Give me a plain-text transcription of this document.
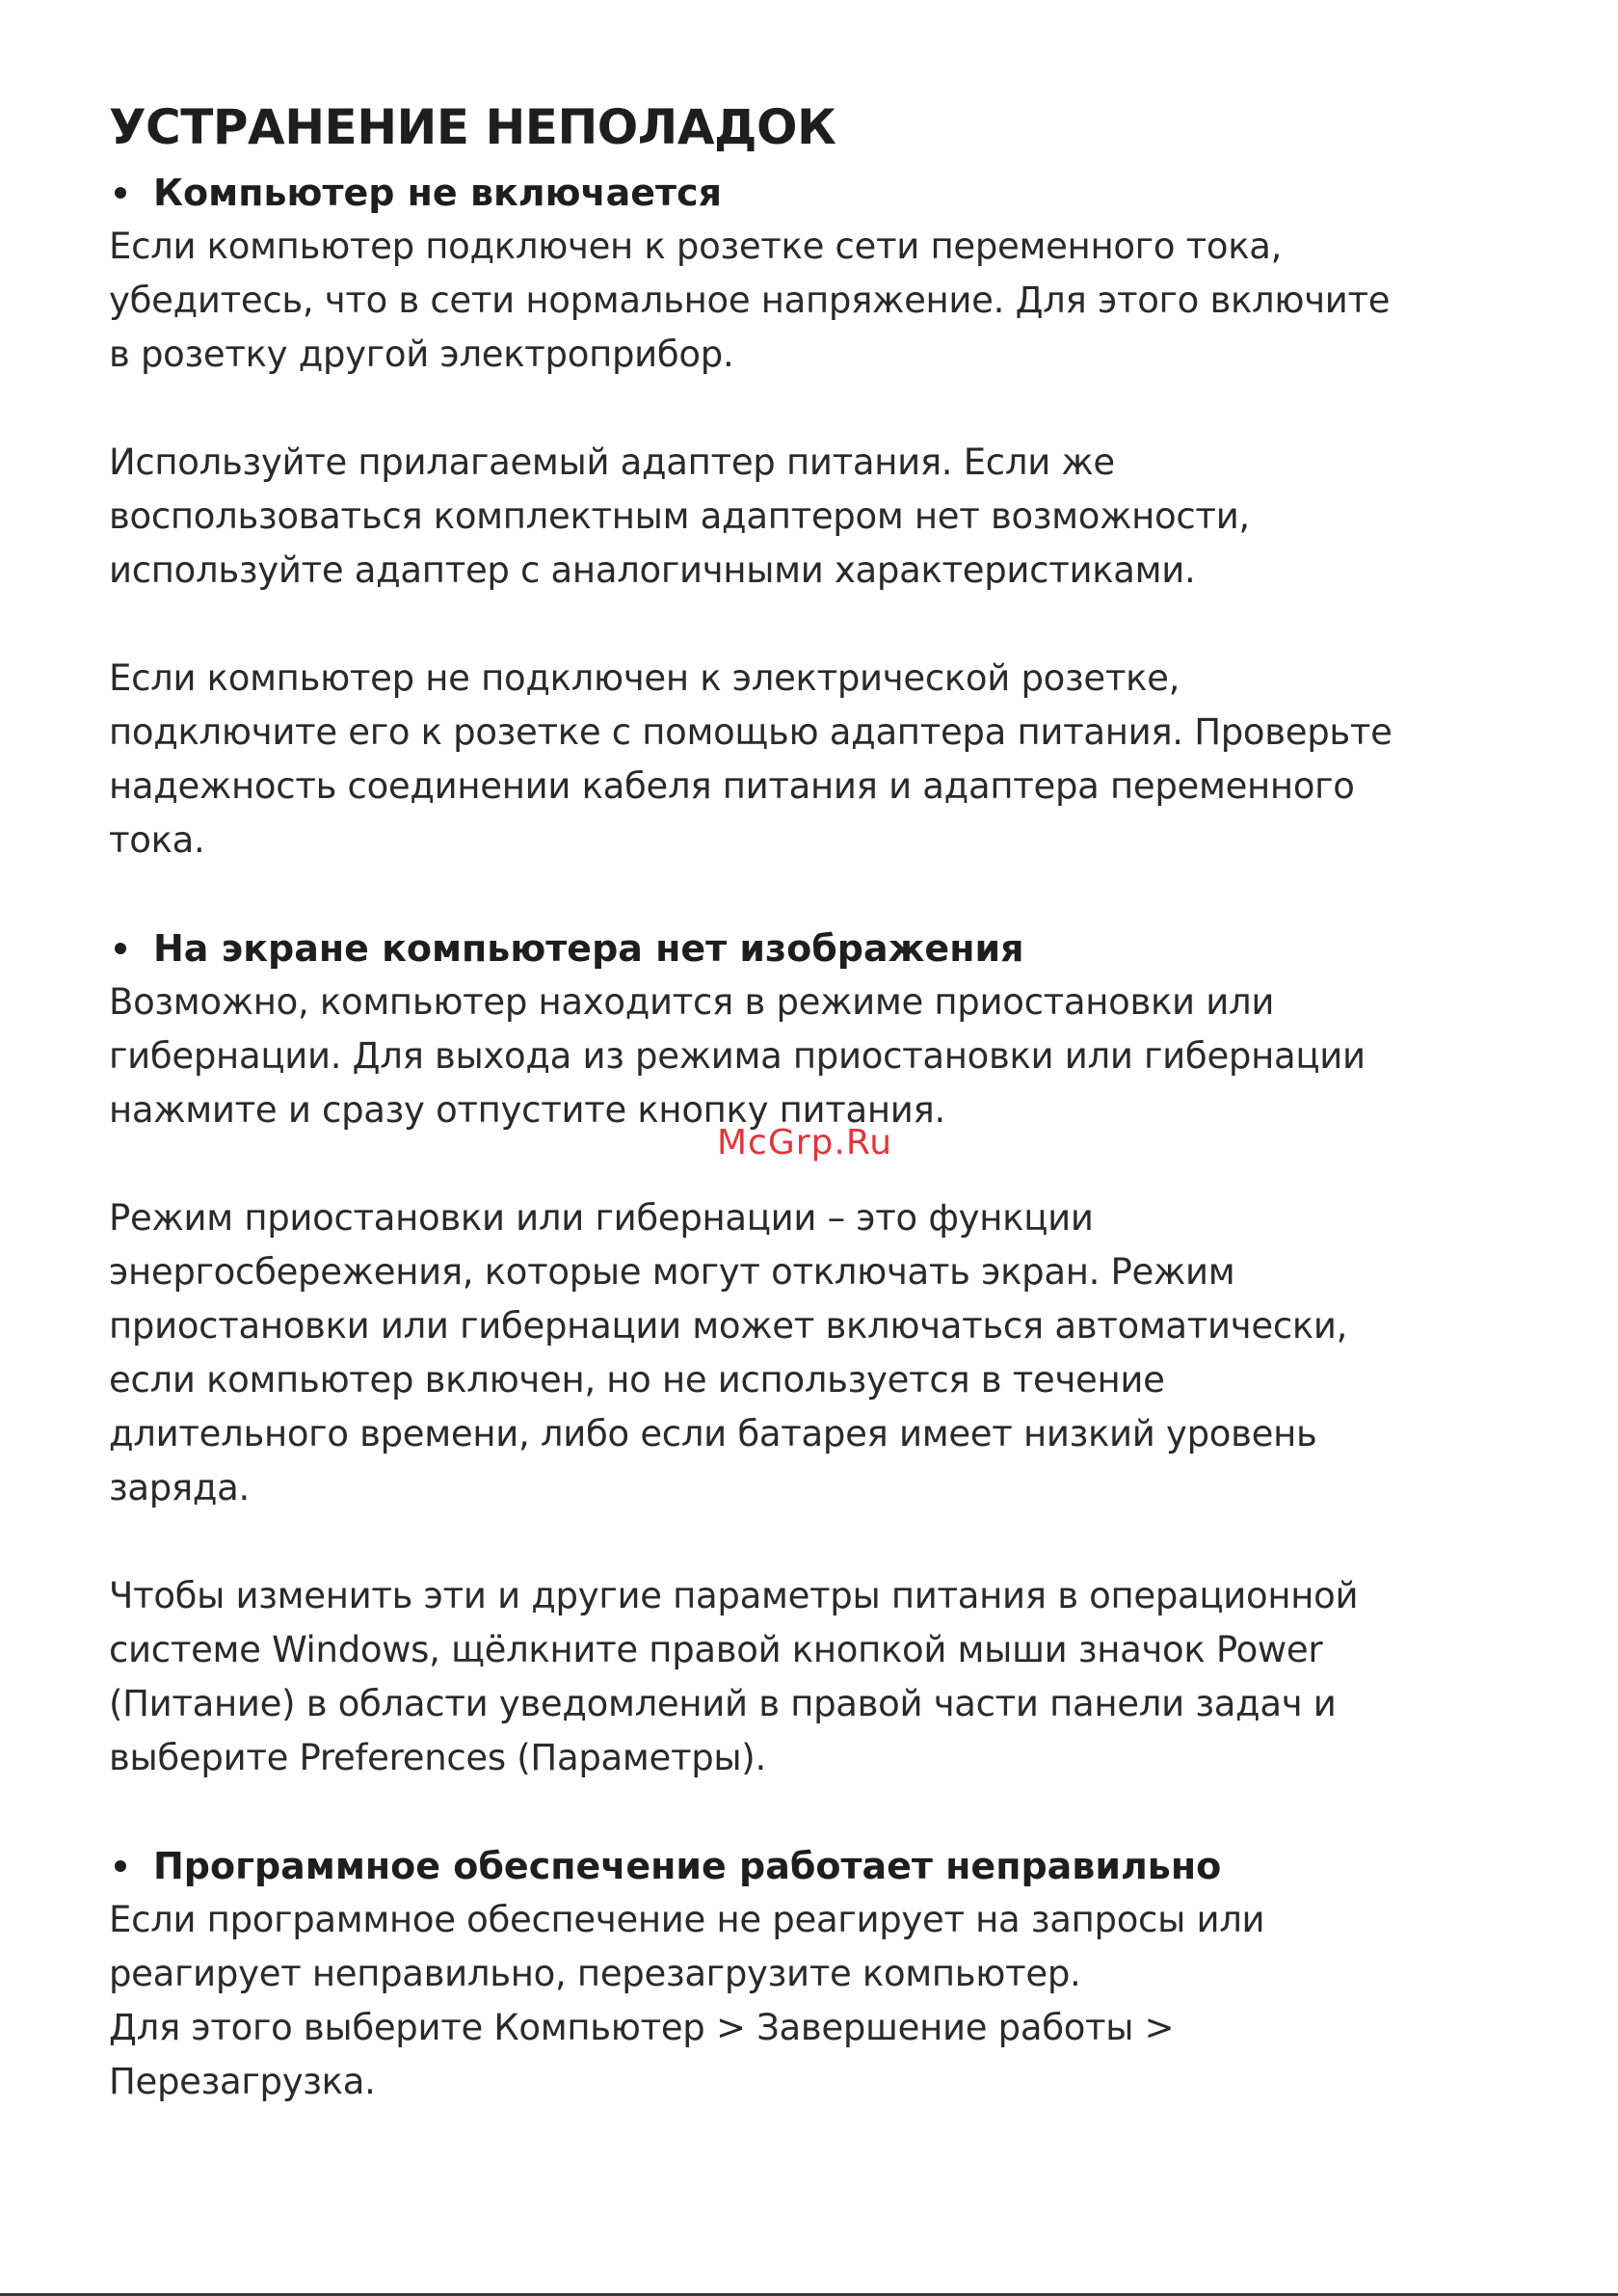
УСТРАНЕНИЕ НЕПОЛАДОК
Компьютер не включается

Если компьютер подключен к розетке сети переменного тока,
убедитесь, что в сети нормальное напряжение. Для этого включите
в розетку другой электроприбор.

Используйте прилагаемый адаптер питания. Если же
воспользоваться комплектным адаптером нет возможности,
используйте адаптер с аналогичными характеристиками.

Если компьютер не подключен к электрической розетке,
подключите его к розетке с помощью адаптера питания. Проверьте
надежность соединении кабеля питания и адаптера переменного
тока.

На экране компьютера нет изображения

Возможно, компьютер находится в режиме приостановки или
гибернации. Для выхода из режима приостановки или гибернации
нажмите и сразу отпустите кнопку питания.

Режим приостановки или гибернации – это функции
энергосбережения, которые могут отключать экран. Режим
приостановки или гибернации может включаться автоматически,
если компьютер включен, но не используется в течение
длительного времени, либо если батарея имеет низкий уровень
заряда.

Чтобы изменить эти и другие параметры питания в операционной
системе Windows, щёлкните правой кнопкой мыши значок Power
(Питание) в области уведомлений в правой части панели задач и
выберите Preferences (Параметры).

Программное обеспечение работает неправильно

Если программное обеспечение не реагирует на запросы или
реагирует неправильно, перезагрузите компьютер.
Для этого выберите Компьютер > Завершение работы >
Перезагрузка.

McGrp.Ru
